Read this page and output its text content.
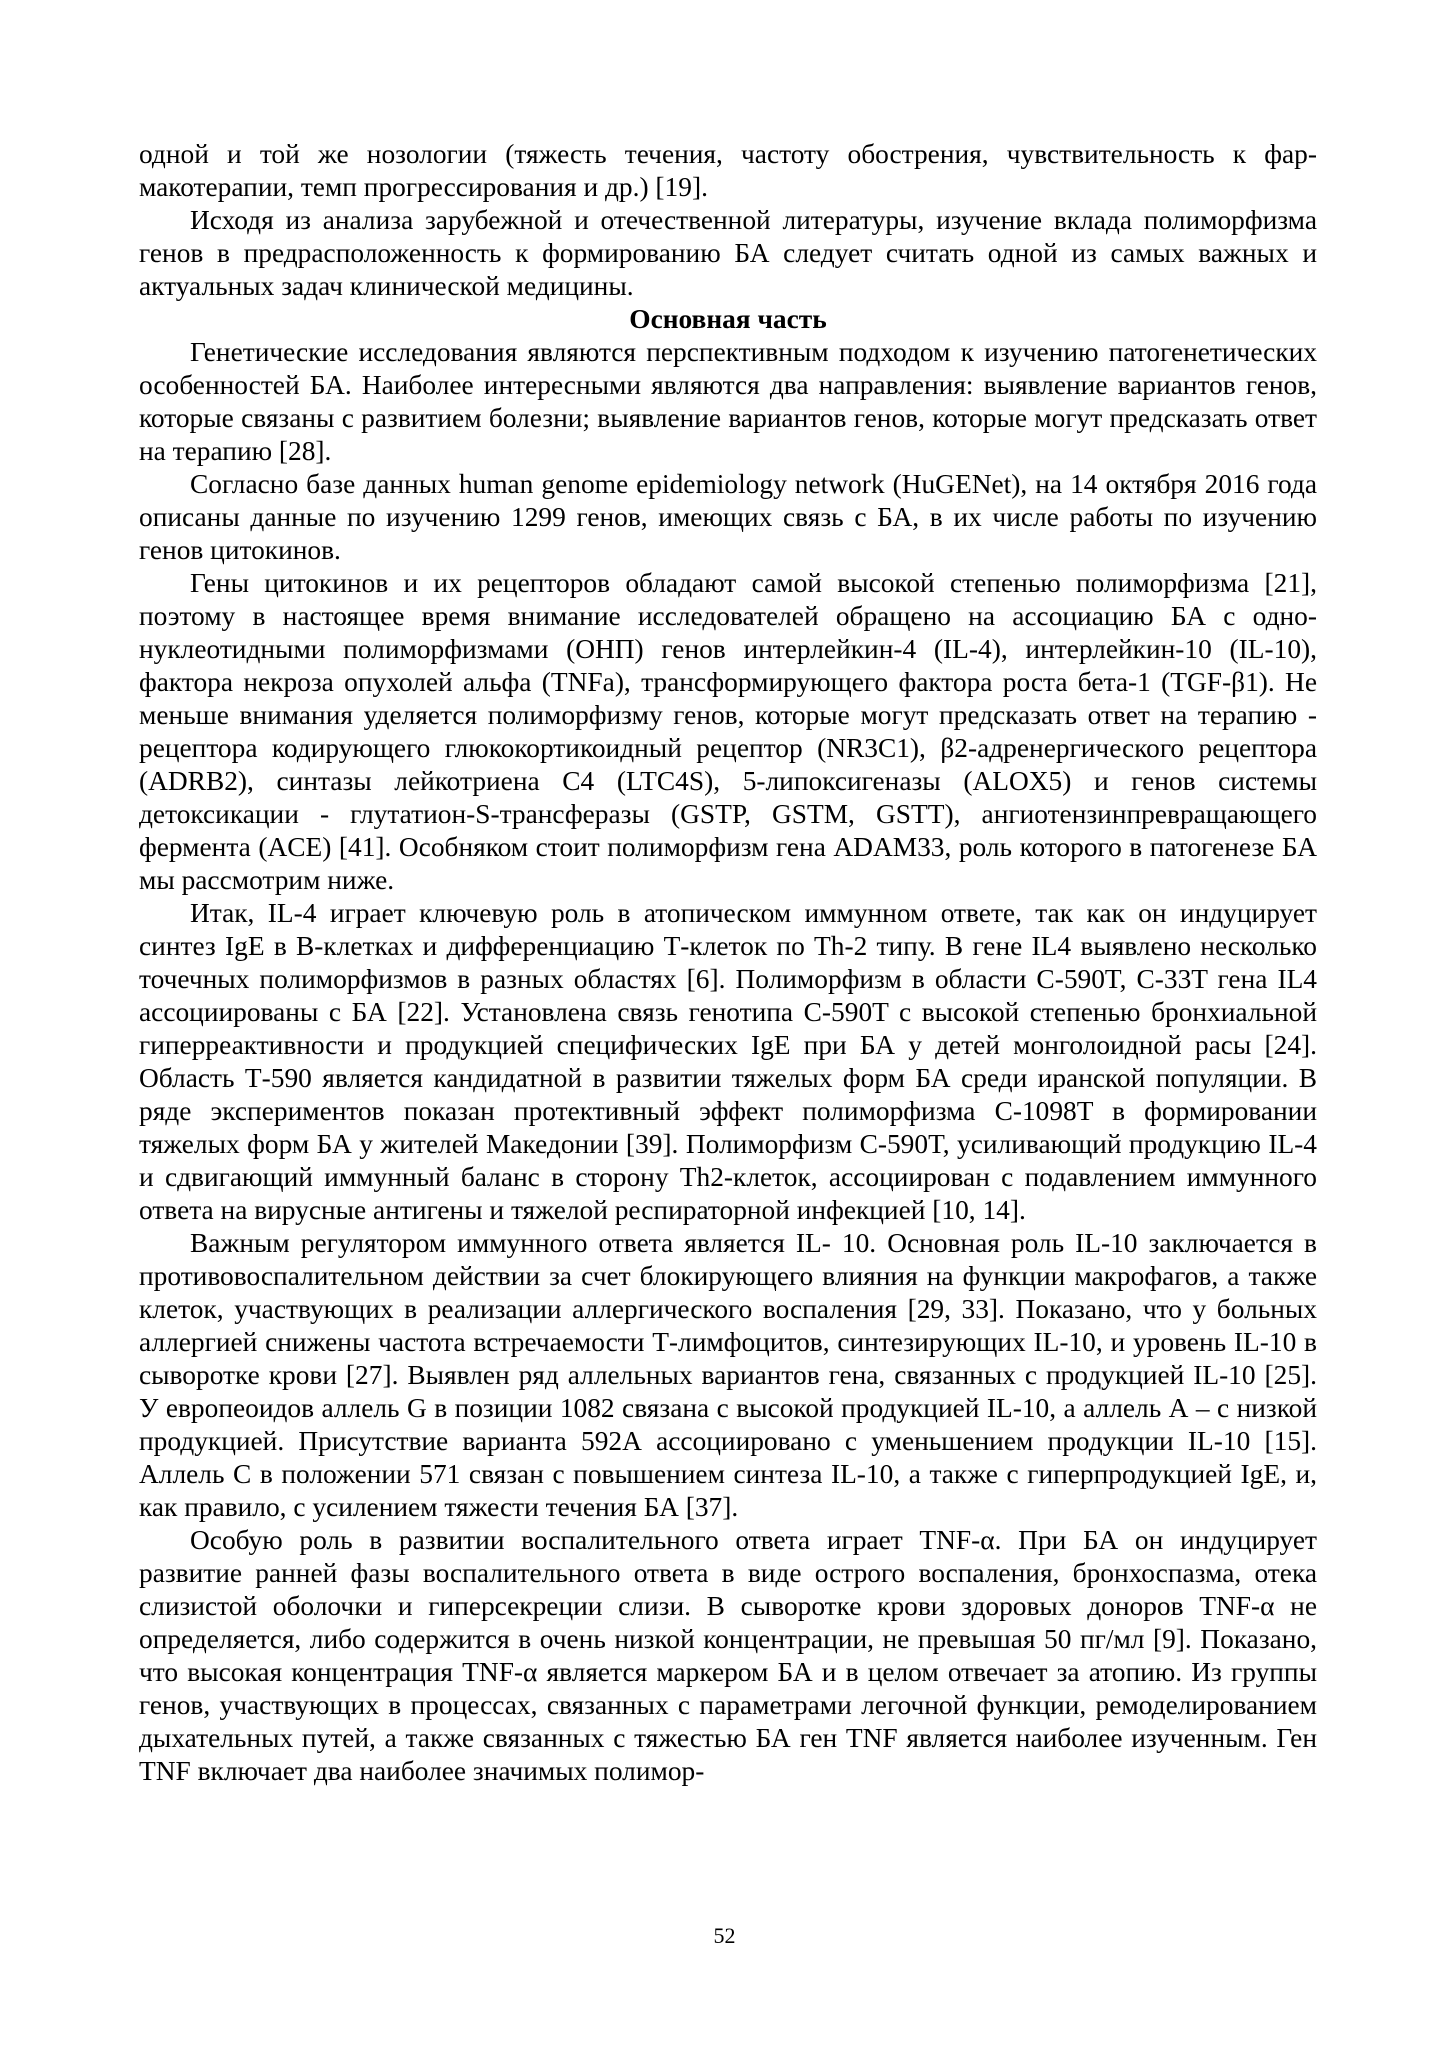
одной и той же нозологии (тяжесть течения, частоту обострения, чувствительность к фармакотерапии, темп прогрессирования и др.) [19].

Исходя из анализа зарубежной и отечественной литературы, изучение вклада полиморфизма генов в предрасположенность к формированию БА следует считать одной из самых важных и актуальных задач клинической медицины.

Основная часть

Генетические исследования являются перспективным подходом к изучению патогенетических особенностей БА. Наиболее интересными являются два направления: выявление вариантов генов, которые связаны с развитием болезни; выявление вариантов генов, которые могут предсказать ответ на терапию [28].

Согласно базе данных human genome epidemiology network (HuGENet), на 14 октября 2016 года описаны данные по изучению 1299 генов, имеющих связь с БА, в их числе работы по изучению генов цитокинов.

Гены цитокинов и их рецепторов обладают самой высокой степенью полиморфизма [21], поэтому в настоящее время внимание исследователей обращено на ассоциацию БА с однонуклеотидными полиморфизмами (ОНП) генов интерлейкин-4 (IL-4), интерлейкин-10 (IL-10), фактора некроза опухолей альфа (TNFa), трансформирующего фактора роста бета-1 (TGF-β1). Не меньше внимания уделяется полиморфизму генов, которые могут предсказать ответ на терапию - рецептора кодирующего глюкокортикоидный рецептор (NR3C1), β2-адренергического рецептора (ADRB2), синтазы лейкотриена C4 (LTC4S), 5-липоксигеназы (ALOX5) и генов системы детоксикации - глутатион-S-трансферазы (GSTP, GSTM, GSTT), ангиотензинпревращающего фермента (ACE) [41]. Особняком стоит полиморфизм гена ADAM33, роль которого в патогенезе БА мы рассмотрим ниже.

Итак, IL-4 играет ключевую роль в атопическом иммунном ответе, так как он индуцирует синтез IgE в В-клетках и дифференциацию Т-клеток по Th-2 типу. В гене IL4 выявлено несколько точечных полиморфизмов в разных областях [6]. Полиморфизм в области C-590T, C-33T гена IL4 ассоциированы с БА [22]. Установлена связь генотипа C-590T с высокой степенью бронхиальной гиперреактивности и продукцией специфических IgE при БА у детей монголоидной расы [24]. Область Т-590 является кандидатной в развитии тяжелых форм БА среди иранской популяции. В ряде экспериментов показан протективный эффект полиморфизма C-1098T в формировании тяжелых форм БА у жителей Македонии [39]. Полиморфизм C-590T, усиливающий продукцию IL-4 и сдвигающий иммунный баланс в сторону Th2-клеток, ассоциирован с подавлением иммунного ответа на вирусные антигены и тяжелой респираторной инфекцией [10, 14].

Важным регулятором иммунного ответа является IL- 10. Основная роль IL-10 заключается в противовоспалительном действии за счет блокирующего влияния на функции макрофагов, а также клеток, участвующих в реализации аллергического воспаления [29, 33]. Показано, что у больных аллергией снижены частота встречаемости Т-лимфоцитов, синтезирующих IL-10, и уровень IL-10 в сыворотке крови [27]. Выявлен ряд аллельных вариантов гена, связанных с продукцией IL-10 [25]. У европеоидов аллель G в позиции 1082 связана с высокой продукцией IL-10, а аллель А – с низкой продукцией. Присутствие варианта 592А ассоциировано с уменьшением продукции IL-10 [15]. Аллель С в положении 571 связан с повышением синтеза IL-10, а также с гиперпродукцией IgE, и, как правило, с усилением тяжести течения БА [37].

Особую роль в развитии воспалительного ответа играет TNF-α. При БА он индуцирует развитие ранней фазы воспалительного ответа в виде острого воспаления, бронхоспазма, отека слизистой оболочки и гиперсекреции слизи. В сыворотке крови здоровых доноров TNF-α не определяется, либо содержится в очень низкой концентрации, не превышая 50 пг/мл [9]. Показано, что высокая концентрация TNF-α является маркером БА и в целом отвечает за атопию. Из группы генов, участвующих в процессах, связанных с параметрами легочной функции, ремоделированием дыхательных путей, а также связанных с тяжестью БА ген TNF является наиболее изученным. Ген TNF включает два наиболее значимых полимор-

52
